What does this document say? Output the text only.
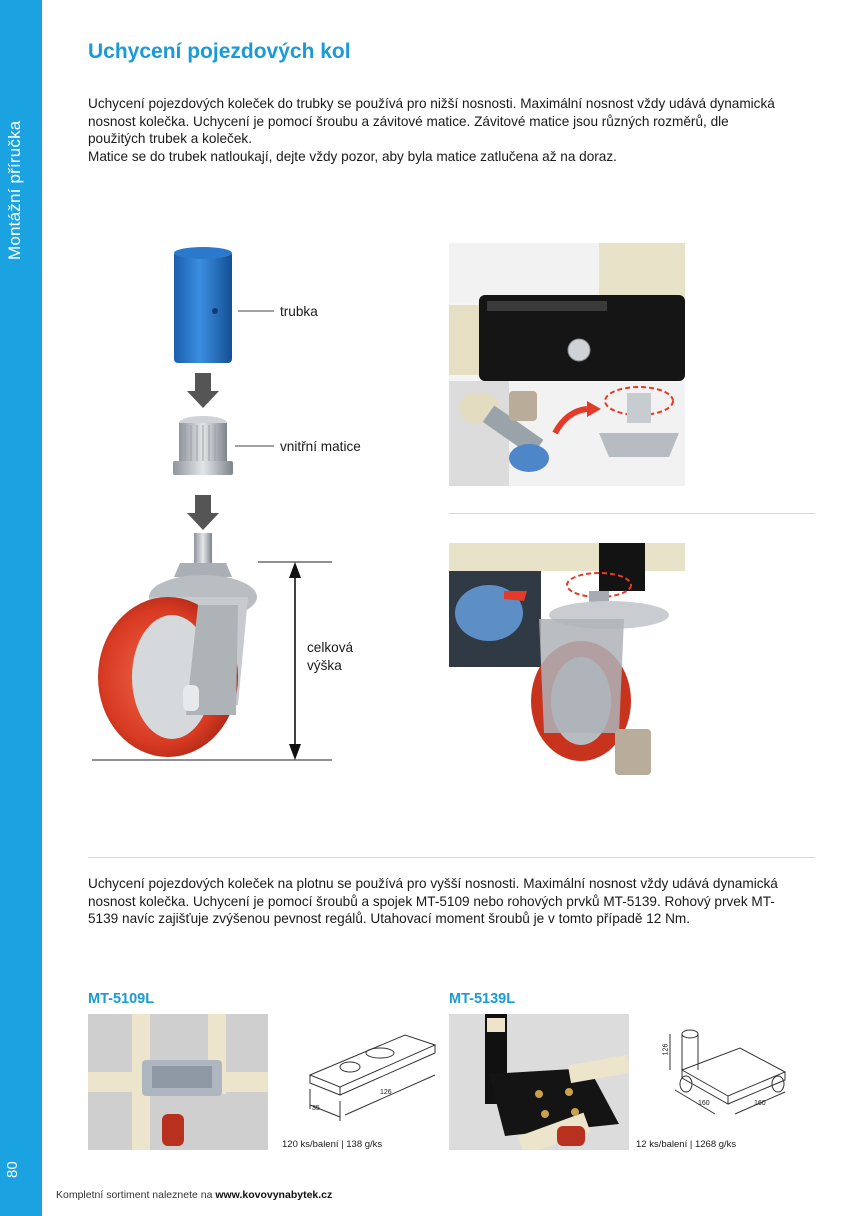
Montážní příručka
80
Uchycení pojezdových kol
Uchycení pojezdových koleček do trubky se používá pro nižší nosnosti. Maximální nosnost vždy udává dynamická
nosnost kolečka. Uchycení je pomocí šroubu a závitové matice. Závitové matice jsou různých rozměrů, dle
použitých trubek a koleček.
Matice se do trubek natloukají, dejte vždy pozor, aby byla matice zatlučena až na doraz.
trubka
vnitřní matice
celková
výška
Uchycení pojezdových koleček na plotnu se používá pro vyšší nosnosti. Maximální nosnost vždy udává dynamická
nosnost kolečka. Uchycení je pomocí šroubů a spojek MT-5109 nebo rohových prvků MT-5139. Rohový prvek MT-
5139 navíc zajišťuje zvýšenou pevnost regálů. Utahovací moment šroubů je v tomto případě 12 Nm.
MT-5109L
35
126
120 ks/balení | 138 g/ks
MT-5139L
126
160	160
12 ks/balení | 1268 g/ks
Kompletní sortiment naleznete na www.kovovynabytek.cz
